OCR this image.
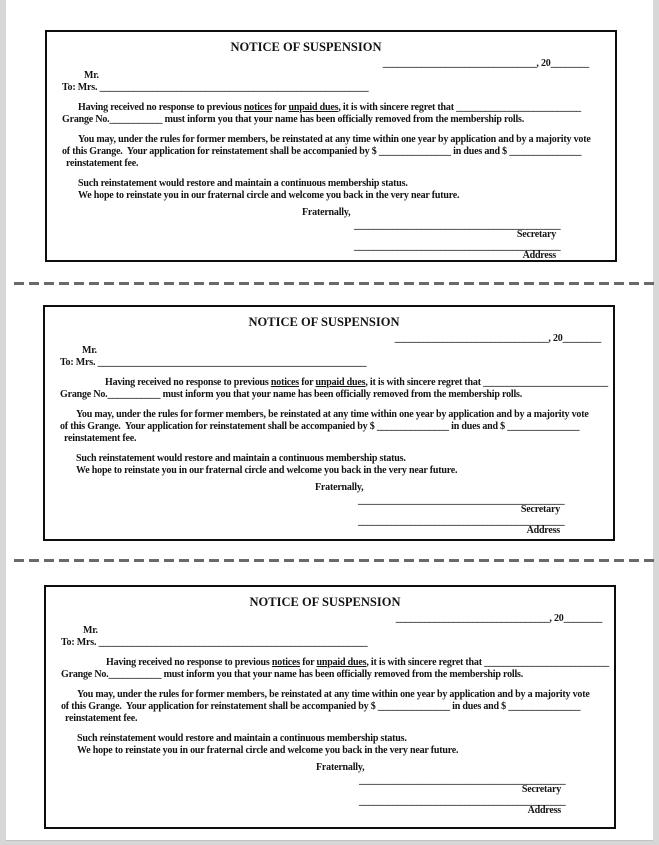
NOTICE OF SUSPENSION
________________________________, 20________
Mr.
To: Mrs. ________________________________________________________
Having received no response to previous notices for unpaid dues, it is with sincere regret that __________________________
Grange No.___________ must inform you that your name has been officially removed from the membership rolls.
You may, under the rules for former members, be reinstated at any time within one year by application and by a majority vote
of this Grange.  Your application for reinstatement shall be accompanied by $ _______________ in dues and $ _______________
reinstatement fee.
Such reinstatement would restore and maintain a continuous membership status.
We hope to reinstate you in our fraternal circle and welcome you back in the very near future.
Fraternally,
___________________________________________
Secretary
___________________________________________
Address
NOTICE OF SUSPENSION
________________________________, 20________
Mr.
To: Mrs. ________________________________________________________
Having received no response to previous notices for unpaid dues, it is with sincere regret that __________________________
Grange No.___________ must inform you that your name has been officially removed from the membership rolls.
You may, under the rules for former members, be reinstated at any time within one year by application and by a majority vote
of this Grange.  Your application for reinstatement shall be accompanied by $ _______________ in dues and $ _______________
reinstatement fee.
Such reinstatement would restore and maintain a continuous membership status.
We hope to reinstate you in our fraternal circle and welcome you back in the very near future.
Fraternally,
___________________________________________
Secretary
___________________________________________
Address
NOTICE OF SUSPENSION
________________________________, 20________
Mr.
To: Mrs. ________________________________________________________
Having received no response to previous notices for unpaid dues, it is with sincere regret that __________________________
Grange No.___________ must inform you that your name has been officially removed from the membership rolls.
You may, under the rules for former members, be reinstated at any time within one year by application and by a majority vote
of this Grange.  Your application for reinstatement shall be accompanied by $ _______________ in dues and $ _______________
reinstatement fee.
Such reinstatement would restore and maintain a continuous membership status.
We hope to reinstate you in our fraternal circle and welcome you back in the very near future.
Fraternally,
___________________________________________
Secretary
___________________________________________
Address
